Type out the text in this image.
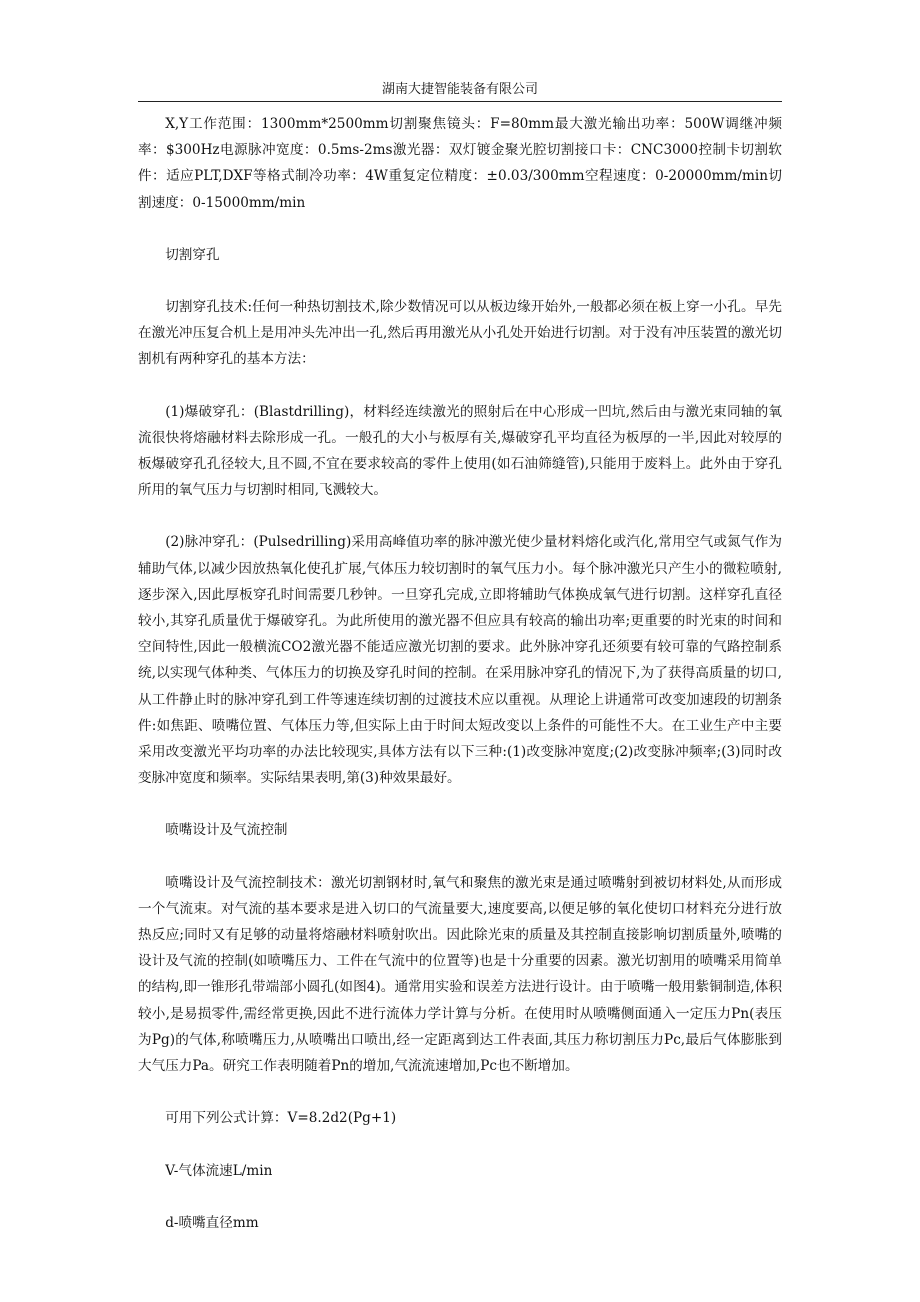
湖南大捷智能装备有限公司

X,Y工作范围：1300mm*2500mm切割聚焦镜头：F=80mm最大激光输出功率：500W调继冲频率：$300Hz电源脉冲宽度：0.5ms-2ms激光器：双灯镀金聚光腔切割接口卡：CNC3000控制卡切割软件：适应PLT,DXF等格式制冷功率：4W重复定位精度：±0.03/300mm空程速度：0-20000mm/min切割速度：0-15000mm/min

切割穿孔

切割穿孔技术:任何一种热切割技术,除少数情况可以从板边缘开始外,一般都必须在板上穿一小孔。早先在激光冲压复合机上是用冲头先冲出一孔,然后再用激光从小孔处开始进行切割。对于没有冲压装置的激光切割机有两种穿孔的基本方法：

(1)爆破穿孔：(Blastdrilling)，材料经连续激光的照射后在中心形成一凹坑,然后由与激光束同轴的氧流很快将熔融材料去除形成一孔。一般孔的大小与板厚有关,爆破穿孔平均直径为板厚的一半,因此对较厚的板爆破穿孔孔径较大,且不圆,不宜在要求较高的零件上使用(如石油筛缝管),只能用于废料上。此外由于穿孔所用的氧气压力与切割时相同,飞溅较大。

(2)脉冲穿孔：(Pulsedrilling)采用高峰值功率的脉冲激光使少量材料熔化或汽化,常用空气或氮气作为辅助气体,以减少因放热氧化使孔扩展,气体压力较切割时的氧气压力小。每个脉冲激光只产生小的微粒喷射,逐步深入,因此厚板穿孔时间需要几秒钟。一旦穿孔完成,立即将辅助气体换成氧气进行切割。这样穿孔直径较小,其穿孔质量优于爆破穿孔。为此所使用的激光器不但应具有较高的输出功率;更重要的时光束的时间和空间特性,因此一般横流CO2激光器不能适应激光切割的要求。此外脉冲穿孔还须要有较可靠的气路控制系统,以实现气体种类、气体压力的切换及穿孔时间的控制。在采用脉冲穿孔的情况下,为了获得高质量的切口,从工件静止时的脉冲穿孔到工件等速连续切割的过渡技术应以重视。从理论上讲通常可改变加速段的切割条件:如焦距、喷嘴位置、气体压力等,但实际上由于时间太短改变以上条件的可能性不大。在工业生产中主要采用改变激光平均功率的办法比较现实,具体方法有以下三种:(1)改变脉冲宽度;(2)改变脉冲频率;(3)同时改变脉冲宽度和频率。实际结果表明,第(3)种效果最好。

喷嘴设计及气流控制

喷嘴设计及气流控制技术：激光切割钢材时,氧气和聚焦的激光束是通过喷嘴射到被切材料处,从而形成一个气流束。对气流的基本要求是进入切口的气流量要大,速度要高,以便足够的氧化使切口材料充分进行放热反应;同时又有足够的动量将熔融材料喷射吹出。因此除光束的质量及其控制直接影响切割质量外,喷嘴的设计及气流的控制(如喷嘴压力、工件在气流中的位置等)也是十分重要的因素。激光切割用的喷嘴采用简单的结构,即一锥形孔带端部小圆孔(如图4)。通常用实验和误差方法进行设计。由于喷嘴一般用紫铜制造,体积较小,是易损零件,需经常更换,因此不进行流体力学计算与分析。在使用时从喷嘴侧面通入一定压力Pn(表压为Pg)的气体,称喷嘴压力,从喷嘴出口喷出,经一定距离到达工件表面,其压力称切割压力Pc,最后气体膨胀到大气压力Pa。研究工作表明随着Pn的增加,气流流速增加,Pc也不断增加。

可用下列公式计算：V=8.2d2(Pg+1)

V-气体流速L/min

d-喷嘴直径mm
